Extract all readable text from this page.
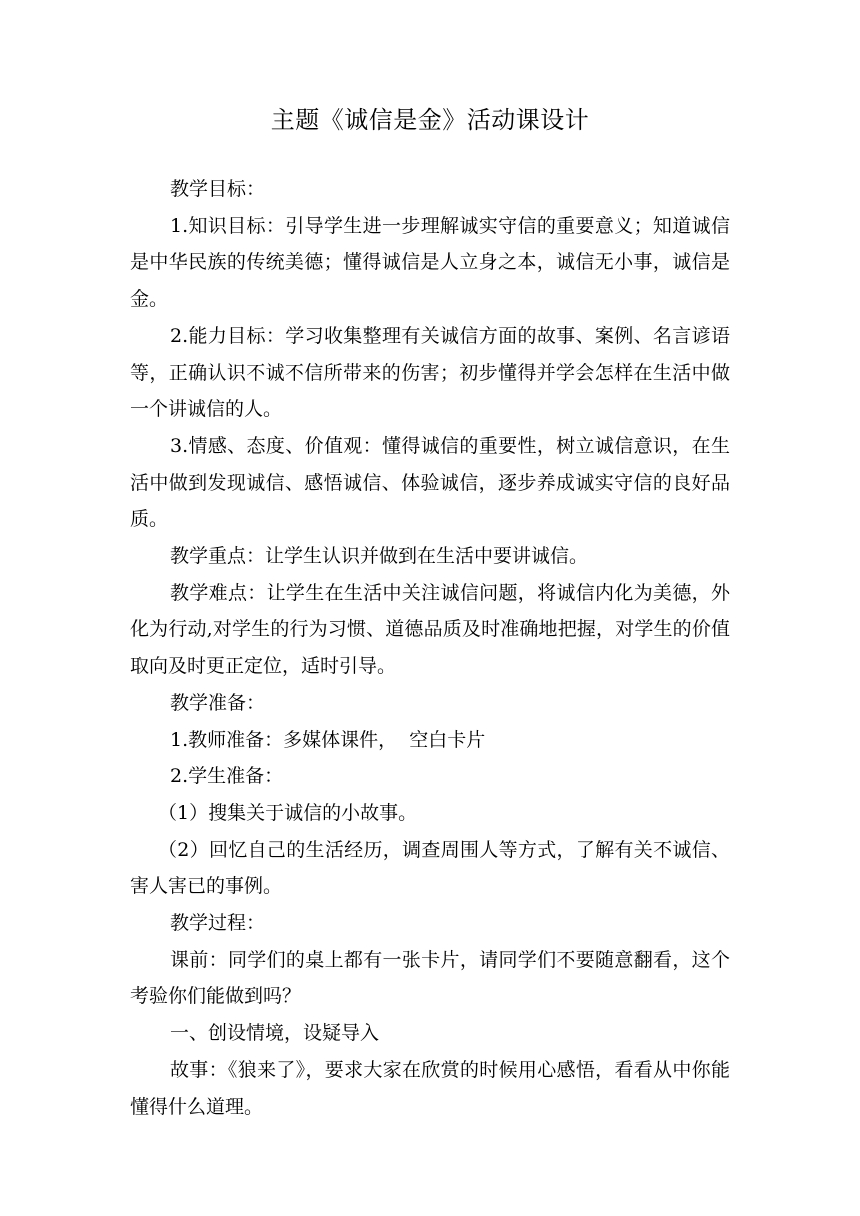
主题《诚信是金》活动课设计

教学目标：

1.知识目标：引导学生进一步理解诚实守信的重要意义；知道诚信是中华民族的传统美德；懂得诚信是人立身之本，诚信无小事，诚信是金。

2.能力目标：学习收集整理有关诚信方面的故事、案例、名言谚语等，正确认识不诚不信所带来的伤害；初步懂得并学会怎样在生活中做一个讲诚信的人。

3.情感、态度、价值观：懂得诚信的重要性，树立诚信意识，在生活中做到发现诚信、感悟诚信、体验诚信，逐步养成诚实守信的良好品质。

教学重点：让学生认识并做到在生活中要讲诚信。

教学难点：让学生在生活中关注诚信问题，将诚信内化为美德，外化为行动,对学生的行为习惯、道德品质及时准确地把握，对学生的价值取向及时更正定位，适时引导。

教学准备：

1.教师准备：多媒体课件，  空白卡片

2.学生准备：

（1）搜集关于诚信的小故事。

（2）回忆自己的生活经历，调查周围人等方式，了解有关不诚信、害人害已的事例。

教学过程：

课前：同学们的桌上都有一张卡片，请同学们不要随意翻看，这个考验你们能做到吗？

一、创设情境，设疑导入

故事：《狼来了》，要求大家在欣赏的时候用心感悟，看看从中你能懂得什么道理。
